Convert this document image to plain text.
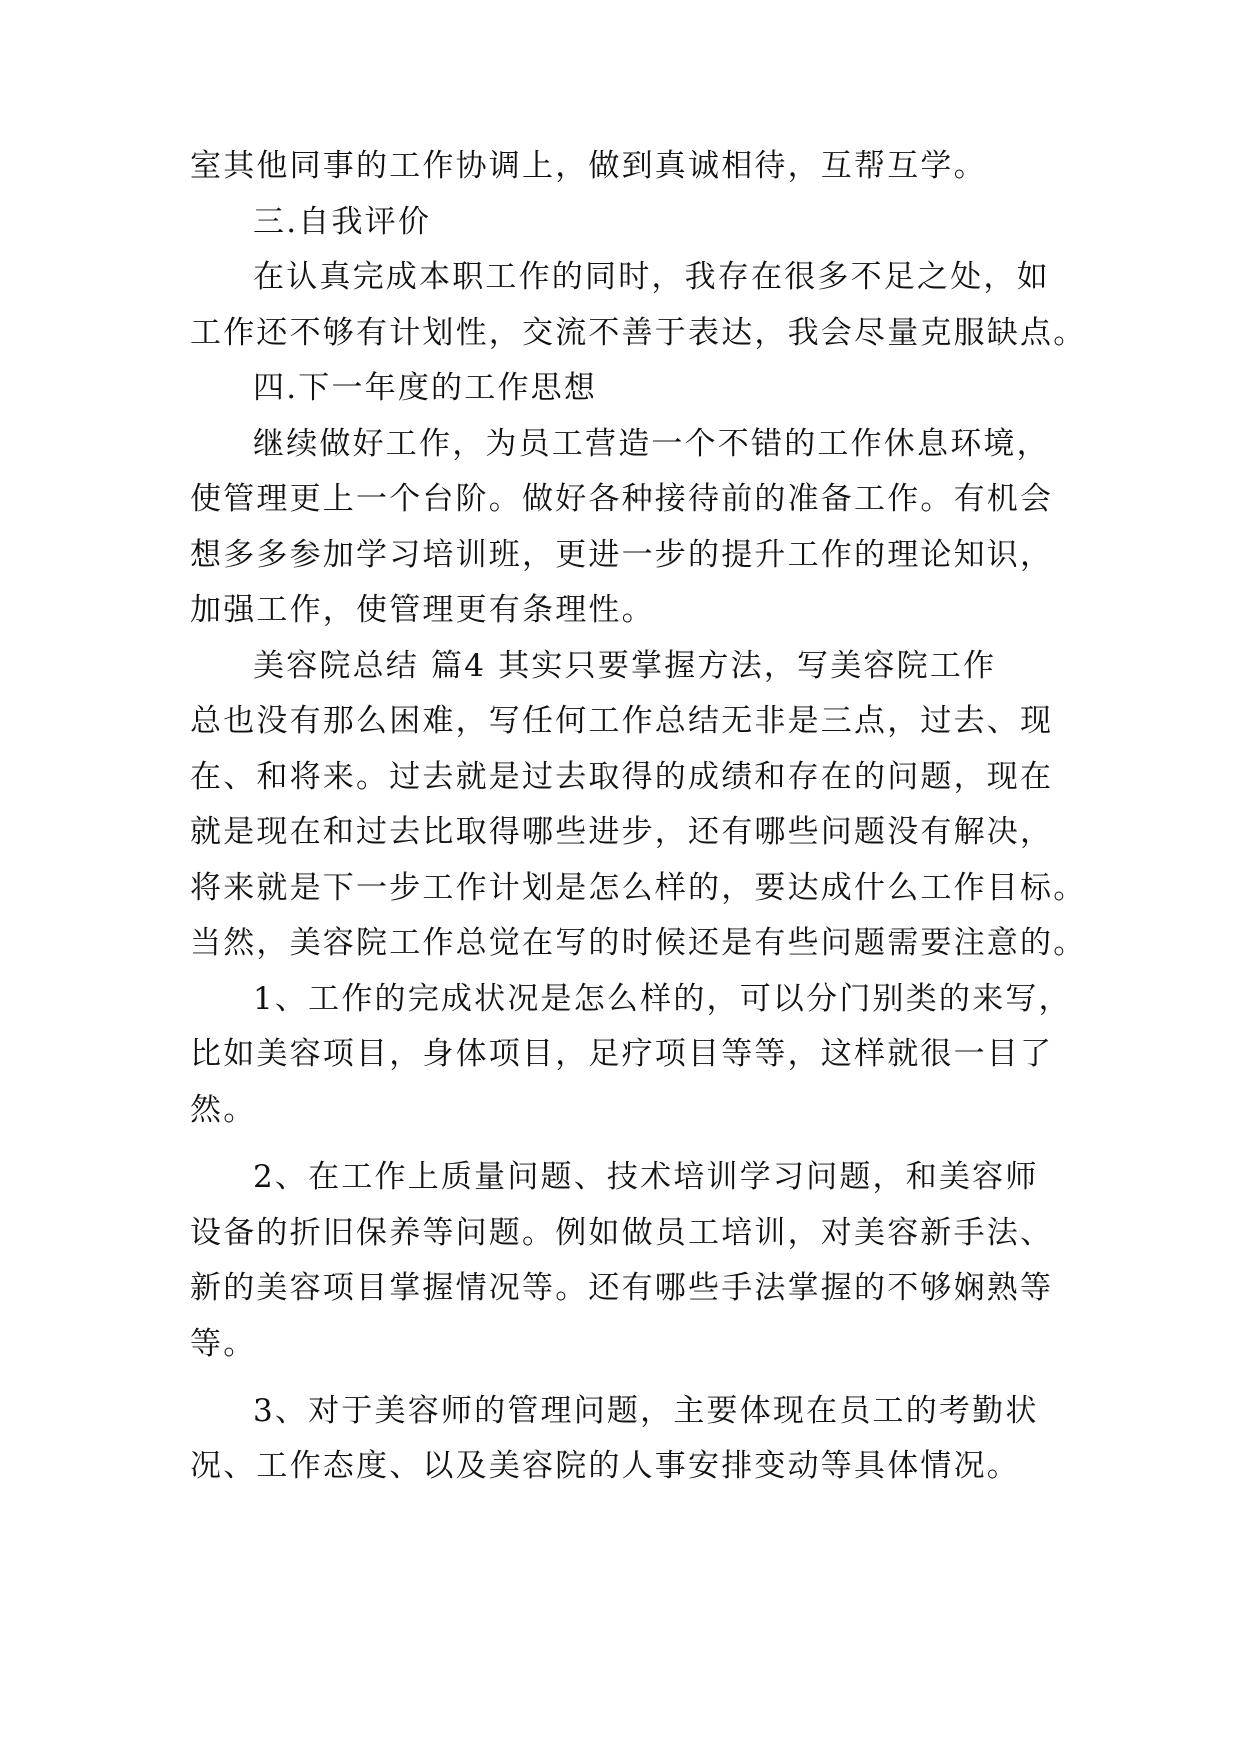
室其他同事的工作协调上，做到真诚相待，互帮互学。
三.自我评价
在认真完成本职工作的同时，我存在很多不足之处，如
工作还不够有计划性，交流不善于表达，我会尽量克服缺点。
四.下一年度的工作思想
继续做好工作，为员工营造一个不错的工作休息环境，
使管理更上一个台阶。做好各种接待前的准备工作。有机会
想多多参加学习培训班，更进一步的提升工作的理论知识，
加强工作，使管理更有条理性。
美容院总结 篇4 其实只要掌握方法，写美容院工作
总也没有那么困难，写任何工作总结无非是三点，过去、现
在、和将来。过去就是过去取得的成绩和存在的问题，现在
就是现在和过去比取得哪些进步，还有哪些问题没有解决，
将来就是下一步工作计划是怎么样的，要达成什么工作目标。
当然，美容院工作总觉在写的时候还是有些问题需要注意的。
1、工作的完成状况是怎么样的，可以分门别类的来写，
比如美容项目，身体项目，足疗项目等等，这样就很一目了
然。
2、在工作上质量问题、技术培训学习问题，和美容师
设备的折旧保养等问题。例如做员工培训，对美容新手法、
新的美容项目掌握情况等。还有哪些手法掌握的不够娴熟等
等。
3、对于美容师的管理问题，主要体现在员工的考勤状
况、工作态度、以及美容院的人事安排变动等具体情况。
